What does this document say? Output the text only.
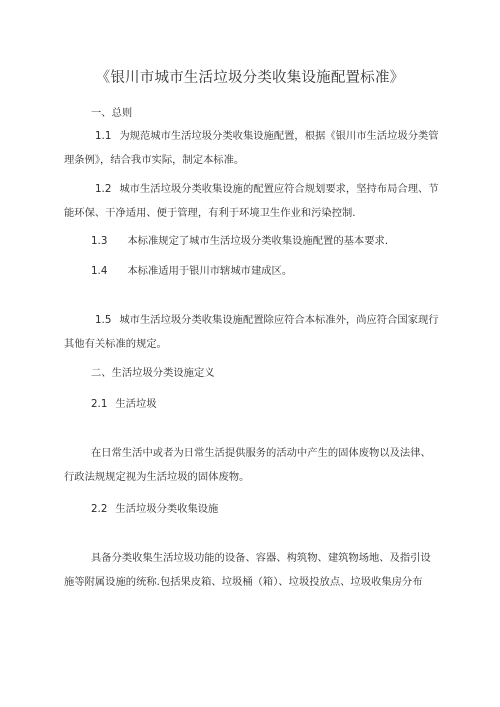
《银川市城市生活垃圾分类收集设施配置标准》
一、总则
1.1 为规范城市生活垃圾分类收集设施配置，根据《银川市生活垃圾分类管
理条例》，结合我市实际，制定本标准。
1.2 城市生活垃圾分类收集设施的配置应符合规划要求，坚持布局合理、节
能环保、干净适用、便于管理，有利于环境卫生作业和污染控制.
1.3 本标准规定了城市生活垃圾分类收集设施配置的基本要求.
1.4 本标准适用于银川市辖城市建成区。
1.5 城市生活垃圾分类收集设施配置除应符合本标准外，尚应符合国家现行
其他有关标准的规定。
二、生活垃圾分类设施定义
2.1 生活垃圾
在日常生活中或者为日常生活提供服务的活动中产生的固体废物以及法律、
行政法规规定视为生活垃圾的固体废物。
2.2 生活垃圾分类收集设施
具备分类收集生活垃圾功能的设备、容器、构筑物、建筑物场地、及指引设
施等附属设施的统称.包括果皮箱、垃圾桶（箱）、垃圾投放点、垃圾收集房分布
